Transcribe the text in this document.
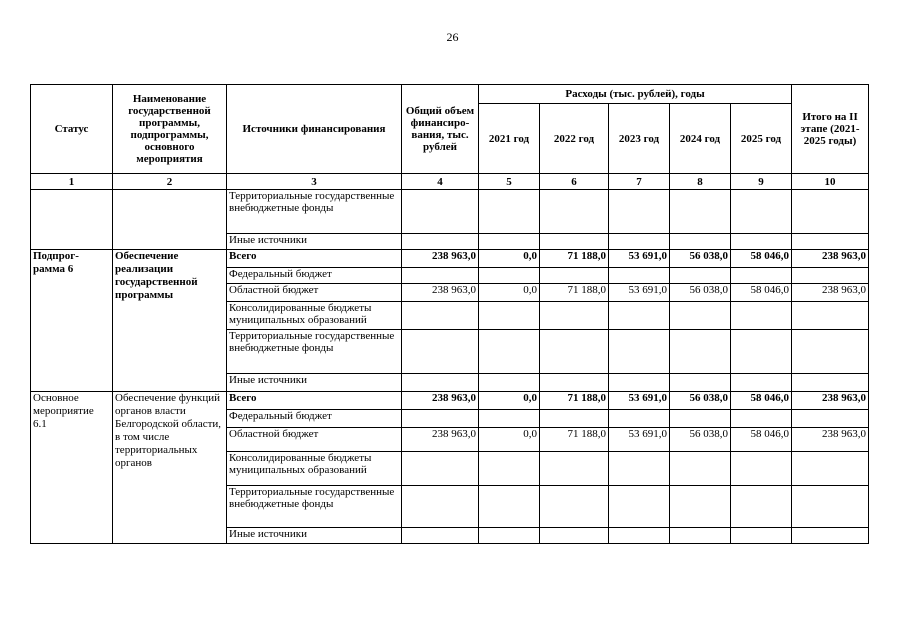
26
Статус	Наименование государственной программы, подпрограммы, основного мероприятия	Источники финансирования	Общий объем финансиро-вания, тыс. рублей	Расходы (тыс. рублей), годы					Итого на II этапе (2021-2025 годы)
				2021 год	2022 год	2023 год	2024 год	2025 год	
1	2	3	4	5	6	7	8	9	10
		Территориальные государственные внебюджетные фонды							
		Иные источники							
Подпрог-рамма 6	Обеспечение реализации государственной программы	Всего	238 963,0	0,0	71 188,0	53 691,0	56 038,0	58 046,0	238 963,0
		Федеральный бюджет							
		Областной бюджет	238 963,0	0,0	71 188,0	53 691,0	56 038,0	58 046,0	238 963,0
		Консолидированные бюджеты муниципальных образований							
		Территориальные государственные внебюджетные фонды							
		Иные источники							
Основное мероприятие 6.1	Обеспечение функций органов власти Белгородской области, в том числе территориальных органов	Всего	238 963,0	0,0	71 188,0	53 691,0	56 038,0	58 046,0	238 963,0
		Федеральный бюджет							
		Областной бюджет	238 963,0	0,0	71 188,0	53 691,0	56 038,0	58 046,0	238 963,0
		Консолидированные бюджеты муниципальных образований							
		Территориальные государственные внебюджетные фонды							
		Иные источники							
